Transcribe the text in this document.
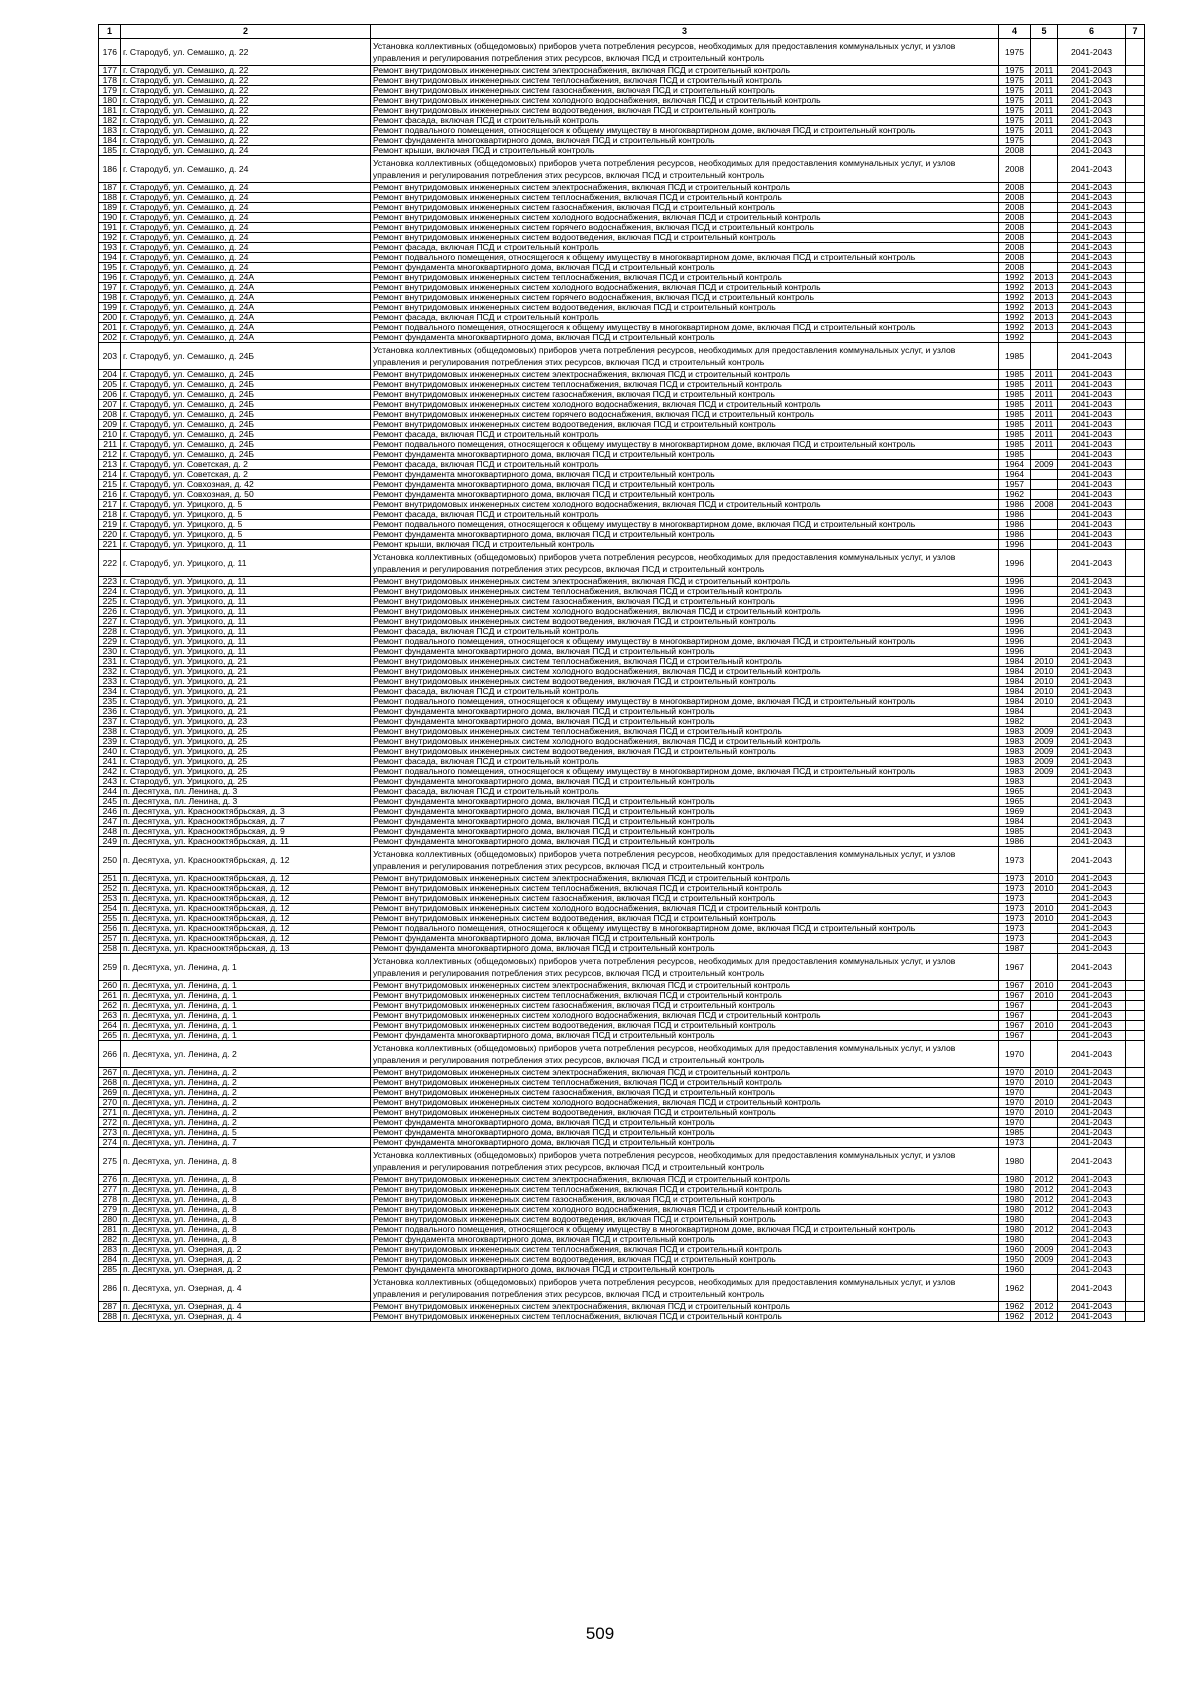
1	2	3	4	5	6	7
176	г. Стародуб, ул. Семашко, д. 22	Установка коллективных (общедомовых) приборов учета потребления ресурсов, необходимых для предоставления коммунальных услуг, и узлов управления и регулирования потребления этих ресурсов, включая ПСД и строительный контроль	1975		2041-2043	
177	г. Стародуб, ул. Семашко, д. 22	Ремонт внутридомовых инженерных систем электроснабжения, включая ПСД и строительный контроль	1975	2011	2041-2043	
178	г. Стародуб, ул. Семашко, д. 22	Ремонт внутридомовых инженерных систем теплоснабжения, включая ПСД и строительный контроль	1975	2011	2041-2043	
179	г. Стародуб, ул. Семашко, д. 22	Ремонт внутридомовых инженерных систем газоснабжения, включая ПСД и строительный контроль	1975	2011	2041-2043	
180	г. Стародуб, ул. Семашко, д. 22	Ремонт внутридомовых инженерных систем холодного водоснабжения, включая ПСД и строительный контроль	1975	2011	2041-2043	
181	г. Стародуб, ул. Семашко, д. 22	Ремонт внутридомовых инженерных систем водоотведения, включая ПСД и строительный контроль	1975	2011	2041-2043	
182	г. Стародуб, ул. Семашко, д. 22	Ремонт фасада, включая ПСД и строительный контроль	1975	2011	2041-2043	
183	г. Стародуб, ул. Семашко, д. 22	Ремонт подвального помещения, относящегося к общему имуществу в многоквартирном доме, включая ПСД и строительный контроль	1975	2011	2041-2043	
184	г. Стародуб, ул. Семашко, д. 22	Ремонт фундамента многоквартирного дома, включая ПСД и строительный контроль	1975		2041-2043	
185	г. Стародуб, ул. Семашко, д. 24	Ремонт крыши, включая ПСД и строительный контроль	2008		2041-2043	
186	г. Стародуб, ул. Семашко, д. 24	Установка коллективных (общедомовых) приборов учета потребления ресурсов, необходимых для предоставления коммунальных услуг, и узлов управления и регулирования потребления этих ресурсов, включая ПСД и строительный контроль	2008		2041-2043	
187	г. Стародуб, ул. Семашко, д. 24	Ремонт внутридомовых инженерных систем электроснабжения, включая ПСД и строительный контроль	2008		2041-2043	
188	г. Стародуб, ул. Семашко, д. 24	Ремонт внутридомовых инженерных систем теплоснабжения, включая ПСД и строительный контроль	2008		2041-2043	
189	г. Стародуб, ул. Семашко, д. 24	Ремонт внутридомовых инженерных систем газоснабжения, включая ПСД и строительный контроль	2008		2041-2043	
190	г. Стародуб, ул. Семашко, д. 24	Ремонт внутридомовых инженерных систем холодного водоснабжения, включая ПСД и строительный контроль	2008		2041-2043	
191	г. Стародуб, ул. Семашко, д. 24	Ремонт внутридомовых инженерных систем горячего водоснабжения, включая ПСД и строительный контроль	2008		2041-2043	
192	г. Стародуб, ул. Семашко, д. 24	Ремонт внутридомовых инженерных систем водоотведения, включая ПСД и строительный контроль	2008		2041-2043	
193	г. Стародуб, ул. Семашко, д. 24	Ремонт фасада, включая ПСД и строительный контроль	2008		2041-2043	
194	г. Стародуб, ул. Семашко, д. 24	Ремонт подвального помещения, относящегося к общему имуществу в многоквартирном доме, включая ПСД и строительный контроль	2008		2041-2043	
195	г. Стародуб, ул. Семашко, д. 24	Ремонт фундамента многоквартирного дома, включая ПСД и строительный контроль	2008		2041-2043	
196	г. Стародуб, ул. Семашко, д. 24А	Ремонт внутридомовых инженерных систем теплоснабжения, включая ПСД и строительный контроль	1992	2013	2041-2043	
197	г. Стародуб, ул. Семашко, д. 24А	Ремонт внутридомовых инженерных систем холодного водоснабжения, включая ПСД и строительный контроль	1992	2013	2041-2043	
198	г. Стародуб, ул. Семашко, д. 24А	Ремонт внутридомовых инженерных систем горячего водоснабжения, включая ПСД и строительный контроль	1992	2013	2041-2043	
199	г. Стародуб, ул. Семашко, д. 24А	Ремонт внутридомовых инженерных систем водоотведения, включая ПСД и строительный контроль	1992	2013	2041-2043	
200	г. Стародуб, ул. Семашко, д. 24А	Ремонт фасада, включая ПСД и строительный контроль	1992	2013	2041-2043	
201	г. Стародуб, ул. Семашко, д. 24А	Ремонт подвального помещения, относящегося к общему имуществу в многоквартирном доме, включая ПСД и строительный контроль	1992	2013	2041-2043	
202	г. Стародуб, ул. Семашко, д. 24А	Ремонт фундамента многоквартирного дома, включая ПСД и строительный контроль	1992		2041-2043	
203	г. Стародуб, ул. Семашко, д. 24Б	Установка коллективных (общедомовых) приборов учета потребления ресурсов, необходимых для предоставления коммунальных услуг, и узлов управления и регулирования потребления этих ресурсов, включая ПСД и строительный контроль	1985		2041-2043	
204	г. Стародуб, ул. Семашко, д. 24Б	Ремонт внутридомовых инженерных систем электроснабжения, включая ПСД и строительный контроль	1985	2011	2041-2043	
205	г. Стародуб, ул. Семашко, д. 24Б	Ремонт внутридомовых инженерных систем теплоснабжения, включая ПСД и строительный контроль	1985	2011	2041-2043	
206	г. Стародуб, ул. Семашко, д. 24Б	Ремонт внутридомовых инженерных систем газоснабжения, включая ПСД и строительный контроль	1985	2011	2041-2043	
207	г. Стародуб, ул. Семашко, д. 24Б	Ремонт внутридомовых инженерных систем холодного водоснабжения, включая ПСД и строительный контроль	1985	2011	2041-2043	
208	г. Стародуб, ул. Семашко, д. 24Б	Ремонт внутридомовых инженерных систем горячего водоснабжения, включая ПСД и строительный контроль	1985	2011	2041-2043	
209	г. Стародуб, ул. Семашко, д. 24Б	Ремонт внутридомовых инженерных систем водоотведения, включая ПСД и строительный контроль	1985	2011	2041-2043	
210	г. Стародуб, ул. Семашко, д. 24Б	Ремонт фасада, включая ПСД и строительный контроль	1985	2011	2041-2043	
211	г. Стародуб, ул. Семашко, д. 24Б	Ремонт подвального помещения, относящегося к общему имуществу в многоквартирном доме, включая ПСД и строительный контроль	1985	2011	2041-2043	
212	г. Стародуб, ул. Семашко, д. 24Б	Ремонт фундамента многоквартирного дома, включая ПСД и строительный контроль	1985		2041-2043	
213	г. Стародуб, ул. Советская, д. 2	Ремонт фасада, включая ПСД и строительный контроль	1964	2009	2041-2043	
214	г. Стародуб, ул. Советская, д. 2	Ремонт фундамента многоквартирного дома, включая ПСД и строительный контроль	1964		2041-2043	
215	г. Стародуб, ул. Совхозная, д. 42	Ремонт фундамента многоквартирного дома, включая ПСД и строительный контроль	1957		2041-2043	
216	г. Стародуб, ул. Совхозная, д. 50	Ремонт фундамента многоквартирного дома, включая ПСД и строительный контроль	1962		2041-2043	
217	г. Стародуб, ул. Урицкого, д. 5	Ремонт внутридомовых инженерных систем холодного водоснабжения, включая ПСД и строительный контроль	1986	2008	2041-2043	
218	г. Стародуб, ул. Урицкого, д. 5	Ремонт фасада, включая ПСД и строительный контроль	1986		2041-2043	
219	г. Стародуб, ул. Урицкого, д. 5	Ремонт подвального помещения, относящегося к общему имуществу в многоквартирном доме, включая ПСД и строительный контроль	1986		2041-2043	
220	г. Стародуб, ул. Урицкого, д. 5	Ремонт фундамента многоквартирного дома, включая ПСД и строительный контроль	1986		2041-2043	
221	г. Стародуб, ул. Урицкого, д. 11	Ремонт крыши, включая ПСД и строительный контроль	1996		2041-2043	
222	г. Стародуб, ул. Урицкого, д. 11	Установка коллективных (общедомовых) приборов учета потребления ресурсов, необходимых для предоставления коммунальных услуг, и узлов управления и регулирования потребления этих ресурсов, включая ПСД и строительный контроль	1996		2041-2043	
223	г. Стародуб, ул. Урицкого, д. 11	Ремонт внутридомовых инженерных систем электроснабжения, включая ПСД и строительный контроль	1996		2041-2043	
224	г. Стародуб, ул. Урицкого, д. 11	Ремонт внутридомовых инженерных систем теплоснабжения, включая ПСД и строительный контроль	1996		2041-2043	
225	г. Стародуб, ул. Урицкого, д. 11	Ремонт внутридомовых инженерных систем газоснабжения, включая ПСД и строительный контроль	1996		2041-2043	
226	г. Стародуб, ул. Урицкого, д. 11	Ремонт внутридомовых инженерных систем холодного водоснабжения, включая ПСД и строительный контроль	1996		2041-2043	
227	г. Стародуб, ул. Урицкого, д. 11	Ремонт внутридомовых инженерных систем водоотведения, включая ПСД и строительный контроль	1996		2041-2043	
228	г. Стародуб, ул. Урицкого, д. 11	Ремонт фасада, включая ПСД и строительный контроль	1996		2041-2043	
229	г. Стародуб, ул. Урицкого, д. 11	Ремонт подвального помещения, относящегося к общему имуществу в многоквартирном доме, включая ПСД и строительный контроль	1996		2041-2043	
230	г. Стародуб, ул. Урицкого, д. 11	Ремонт фундамента многоквартирного дома, включая ПСД и строительный контроль	1996		2041-2043	
231	г. Стародуб, ул. Урицкого, д. 21	Ремонт внутридомовых инженерных систем теплоснабжения, включая ПСД и строительный контроль	1984	2010	2041-2043	
232	г. Стародуб, ул. Урицкого, д. 21	Ремонт внутридомовых инженерных систем холодного водоснабжения, включая ПСД и строительный контроль	1984	2010	2041-2043	
233	г. Стародуб, ул. Урицкого, д. 21	Ремонт внутридомовых инженерных систем водоотведения, включая ПСД и строительный контроль	1984	2010	2041-2043	
234	г. Стародуб, ул. Урицкого, д. 21	Ремонт фасада, включая ПСД и строительный контроль	1984	2010	2041-2043	
235	г. Стародуб, ул. Урицкого, д. 21	Ремонт подвального помещения, относящегося к общему имуществу в многоквартирном доме, включая ПСД и строительный контроль	1984	2010	2041-2043	
236	г. Стародуб, ул. Урицкого, д. 21	Ремонт фундамента многоквартирного дома, включая ПСД и строительный контроль	1984		2041-2043	
237	г. Стародуб, ул. Урицкого, д. 23	Ремонт фундамента многоквартирного дома, включая ПСД и строительный контроль	1982		2041-2043	
238	г. Стародуб, ул. Урицкого, д. 25	Ремонт внутридомовых инженерных систем теплоснабжения, включая ПСД и строительный контроль	1983	2009	2041-2043	
239	г. Стародуб, ул. Урицкого, д. 25	Ремонт внутридомовых инженерных систем холодного водоснабжения, включая ПСД и строительный контроль	1983	2009	2041-2043	
240	г. Стародуб, ул. Урицкого, д. 25	Ремонт внутридомовых инженерных систем водоотведения, включая ПСД и строительный контроль	1983	2009	2041-2043	
241	г. Стародуб, ул. Урицкого, д. 25	Ремонт фасада, включая ПСД и строительный контроль	1983	2009	2041-2043	
242	г. Стародуб, ул. Урицкого, д. 25	Ремонт подвального помещения, относящегося к общему имуществу в многоквартирном доме, включая ПСД и строительный контроль	1983	2009	2041-2043	
243	г. Стародуб, ул. Урицкого, д. 25	Ремонт фундамента многоквартирного дома, включая ПСД и строительный контроль	1983		2041-2043	
244	п. Десятуха, пл. Ленина, д. 3	Ремонт фасада, включая ПСД и строительный контроль	1965		2041-2043	
245	п. Десятуха, пл. Ленина, д. 3	Ремонт фундамента многоквартирного дома, включая ПСД и строительный контроль	1965		2041-2043	
246	п. Десятуха, ул. Краснооктябрьская, д. 3	Ремонт фундамента многоквартирного дома, включая ПСД и строительный контроль	1969		2041-2043	
247	п. Десятуха, ул. Краснооктябрьская, д. 7	Ремонт фундамента многоквартирного дома, включая ПСД и строительный контроль	1984		2041-2043	
248	п. Десятуха, ул. Краснооктябрьская, д. 9	Ремонт фундамента многоквартирного дома, включая ПСД и строительный контроль	1985		2041-2043	
249	п. Десятуха, ул. Краснооктябрьская, д. 11	Ремонт фундамента многоквартирного дома, включая ПСД и строительный контроль	1986		2041-2043	
250	п. Десятуха, ул. Краснооктябрьская, д. 12	Установка коллективных (общедомовых) приборов учета потребления ресурсов, необходимых для предоставления коммунальных услуг, и узлов управления и регулирования потребления этих ресурсов, включая ПСД и строительный контроль	1973		2041-2043	
251	п. Десятуха, ул. Краснооктябрьская, д. 12	Ремонт внутридомовых инженерных систем электроснабжения, включая ПСД и строительный контроль	1973	2010	2041-2043	
252	п. Десятуха, ул. Краснооктябрьская, д. 12	Ремонт внутридомовых инженерных систем теплоснабжения, включая ПСД и строительный контроль	1973	2010	2041-2043	
253	п. Десятуха, ул. Краснооктябрьская, д. 12	Ремонт внутридомовых инженерных систем газоснабжения, включая ПСД и строительный контроль	1973		2041-2043	
254	п. Десятуха, ул. Краснооктябрьская, д. 12	Ремонт внутридомовых инженерных систем холодного водоснабжения, включая ПСД и строительный контроль	1973	2010	2041-2043	
255	п. Десятуха, ул. Краснооктябрьская, д. 12	Ремонт внутридомовых инженерных систем водоотведения, включая ПСД и строительный контроль	1973	2010	2041-2043	
256	п. Десятуха, ул. Краснооктябрьская, д. 12	Ремонт подвального помещения, относящегося к общему имуществу в многоквартирном доме, включая ПСД и строительный контроль	1973		2041-2043	
257	п. Десятуха, ул. Краснооктябрьская, д. 12	Ремонт фундамента многоквартирного дома, включая ПСД и строительный контроль	1973		2041-2043	
258	п. Десятуха, ул. Краснооктябрьская, д. 13	Ремонт фундамента многоквартирного дома, включая ПСД и строительный контроль	1987		2041-2043	
259	п. Десятуха, ул. Ленина, д. 1	Установка коллективных (общедомовых) приборов учета потребления ресурсов, необходимых для предоставления коммунальных услуг, и узлов управления и регулирования потребления этих ресурсов, включая ПСД и строительный контроль	1967		2041-2043	
260	п. Десятуха, ул. Ленина, д. 1	Ремонт внутридомовых инженерных систем электроснабжения, включая ПСД и строительный контроль	1967	2010	2041-2043	
261	п. Десятуха, ул. Ленина, д. 1	Ремонт внутридомовых инженерных систем теплоснабжения, включая ПСД и строительный контроль	1967	2010	2041-2043	
262	п. Десятуха, ул. Ленина, д. 1	Ремонт внутридомовых инженерных систем газоснабжения, включая ПСД и строительный контроль	1967		2041-2043	
263	п. Десятуха, ул. Ленина, д. 1	Ремонт внутридомовых инженерных систем холодного водоснабжения, включая ПСД и строительный контроль	1967		2041-2043	
264	п. Десятуха, ул. Ленина, д. 1	Ремонт внутридомовых инженерных систем водоотведения, включая ПСД и строительный контроль	1967	2010	2041-2043	
265	п. Десятуха, ул. Ленина, д. 1	Ремонт фундамента многоквартирного дома, включая ПСД и строительный контроль	1967		2041-2043	
266	п. Десятуха, ул. Ленина, д. 2	Установка коллективных (общедомовых) приборов учета потребления ресурсов, необходимых для предоставления коммунальных услуг, и узлов управления и регулирования потребления этих ресурсов, включая ПСД и строительный контроль	1970		2041-2043	
267	п. Десятуха, ул. Ленина, д. 2	Ремонт внутридомовых инженерных систем электроснабжения, включая ПСД и строительный контроль	1970	2010	2041-2043	
268	п. Десятуха, ул. Ленина, д. 2	Ремонт внутридомовых инженерных систем теплоснабжения, включая ПСД и строительный контроль	1970	2010	2041-2043	
269	п. Десятуха, ул. Ленина, д. 2	Ремонт внутридомовых инженерных систем газоснабжения, включая ПСД и строительный контроль	1970		2041-2043	
270	п. Десятуха, ул. Ленина, д. 2	Ремонт внутридомовых инженерных систем холодного водоснабжения, включая ПСД и строительный контроль	1970	2010	2041-2043	
271	п. Десятуха, ул. Ленина, д. 2	Ремонт внутридомовых инженерных систем водоотведения, включая ПСД и строительный контроль	1970	2010	2041-2043	
272	п. Десятуха, ул. Ленина, д. 2	Ремонт фундамента многоквартирного дома, включая ПСД и строительный контроль	1970		2041-2043	
273	п. Десятуха, ул. Ленина, д. 5	Ремонт фундамента многоквартирного дома, включая ПСД и строительный контроль	1985		2041-2043	
274	п. Десятуха, ул. Ленина, д. 7	Ремонт фундамента многоквартирного дома, включая ПСД и строительный контроль	1973		2041-2043	
275	п. Десятуха, ул. Ленина, д. 8	Установка коллективных (общедомовых) приборов учета потребления ресурсов, необходимых для предоставления коммунальных услуг, и узлов управления и регулирования потребления этих ресурсов, включая ПСД и строительный контроль	1980		2041-2043	
276	п. Десятуха, ул. Ленина, д. 8	Ремонт внутридомовых инженерных систем электроснабжения, включая ПСД и строительный контроль	1980	2012	2041-2043	
277	п. Десятуха, ул. Ленина, д. 8	Ремонт внутридомовых инженерных систем теплоснабжения, включая ПСД и строительный контроль	1980	2012	2041-2043	
278	п. Десятуха, ул. Ленина, д. 8	Ремонт внутридомовых инженерных систем газоснабжения, включая ПСД и строительный контроль	1980	2012	2041-2043	
279	п. Десятуха, ул. Ленина, д. 8	Ремонт внутридомовых инженерных систем холодного водоснабжения, включая ПСД и строительный контроль	1980	2012	2041-2043	
280	п. Десятуха, ул. Ленина, д. 8	Ремонт внутридомовых инженерных систем водоотведения, включая ПСД и строительный контроль	1980		2041-2043	
281	п. Десятуха, ул. Ленина, д. 8	Ремонт подвального помещения, относящегося к общему имуществу в многоквартирном доме, включая ПСД и строительный контроль	1980	2012	2041-2043	
282	п. Десятуха, ул. Ленина, д. 8	Ремонт фундамента многоквартирного дома, включая ПСД и строительный контроль	1980		2041-2043	
283	п. Десятуха, ул. Озерная, д. 2	Ремонт внутридомовых инженерных систем теплоснабжения, включая ПСД и строительный контроль	1960	2009	2041-2043	
284	п. Десятуха, ул. Озерная, д. 2	Ремонт внутридомовых инженерных систем водоотведения, включая ПСД и строительный контроль	1950	2009	2041-2043	
285	п. Десятуха, ул. Озерная, д. 2	Ремонт фундамента многоквартирного дома, включая ПСД и строительный контроль	1960		2041-2043	
286	п. Десятуха, ул. Озерная, д. 4	Установка коллективных (общедомовых) приборов учета потребления ресурсов, необходимых для предоставления коммунальных услуг, и узлов управления и регулирования потребления этих ресурсов, включая ПСД и строительный контроль	1962		2041-2043	
287	п. Десятуха, ул. Озерная, д. 4	Ремонт внутридомовых инженерных систем электроснабжения, включая ПСД и строительный контроль	1962	2012	2041-2043	
288	п. Десятуха, ул. Озерная, д. 4	Ремонт внутридомовых инженерных систем теплоснабжения, включая ПСД и строительный контроль	1962	2012	2041-2043	
509
